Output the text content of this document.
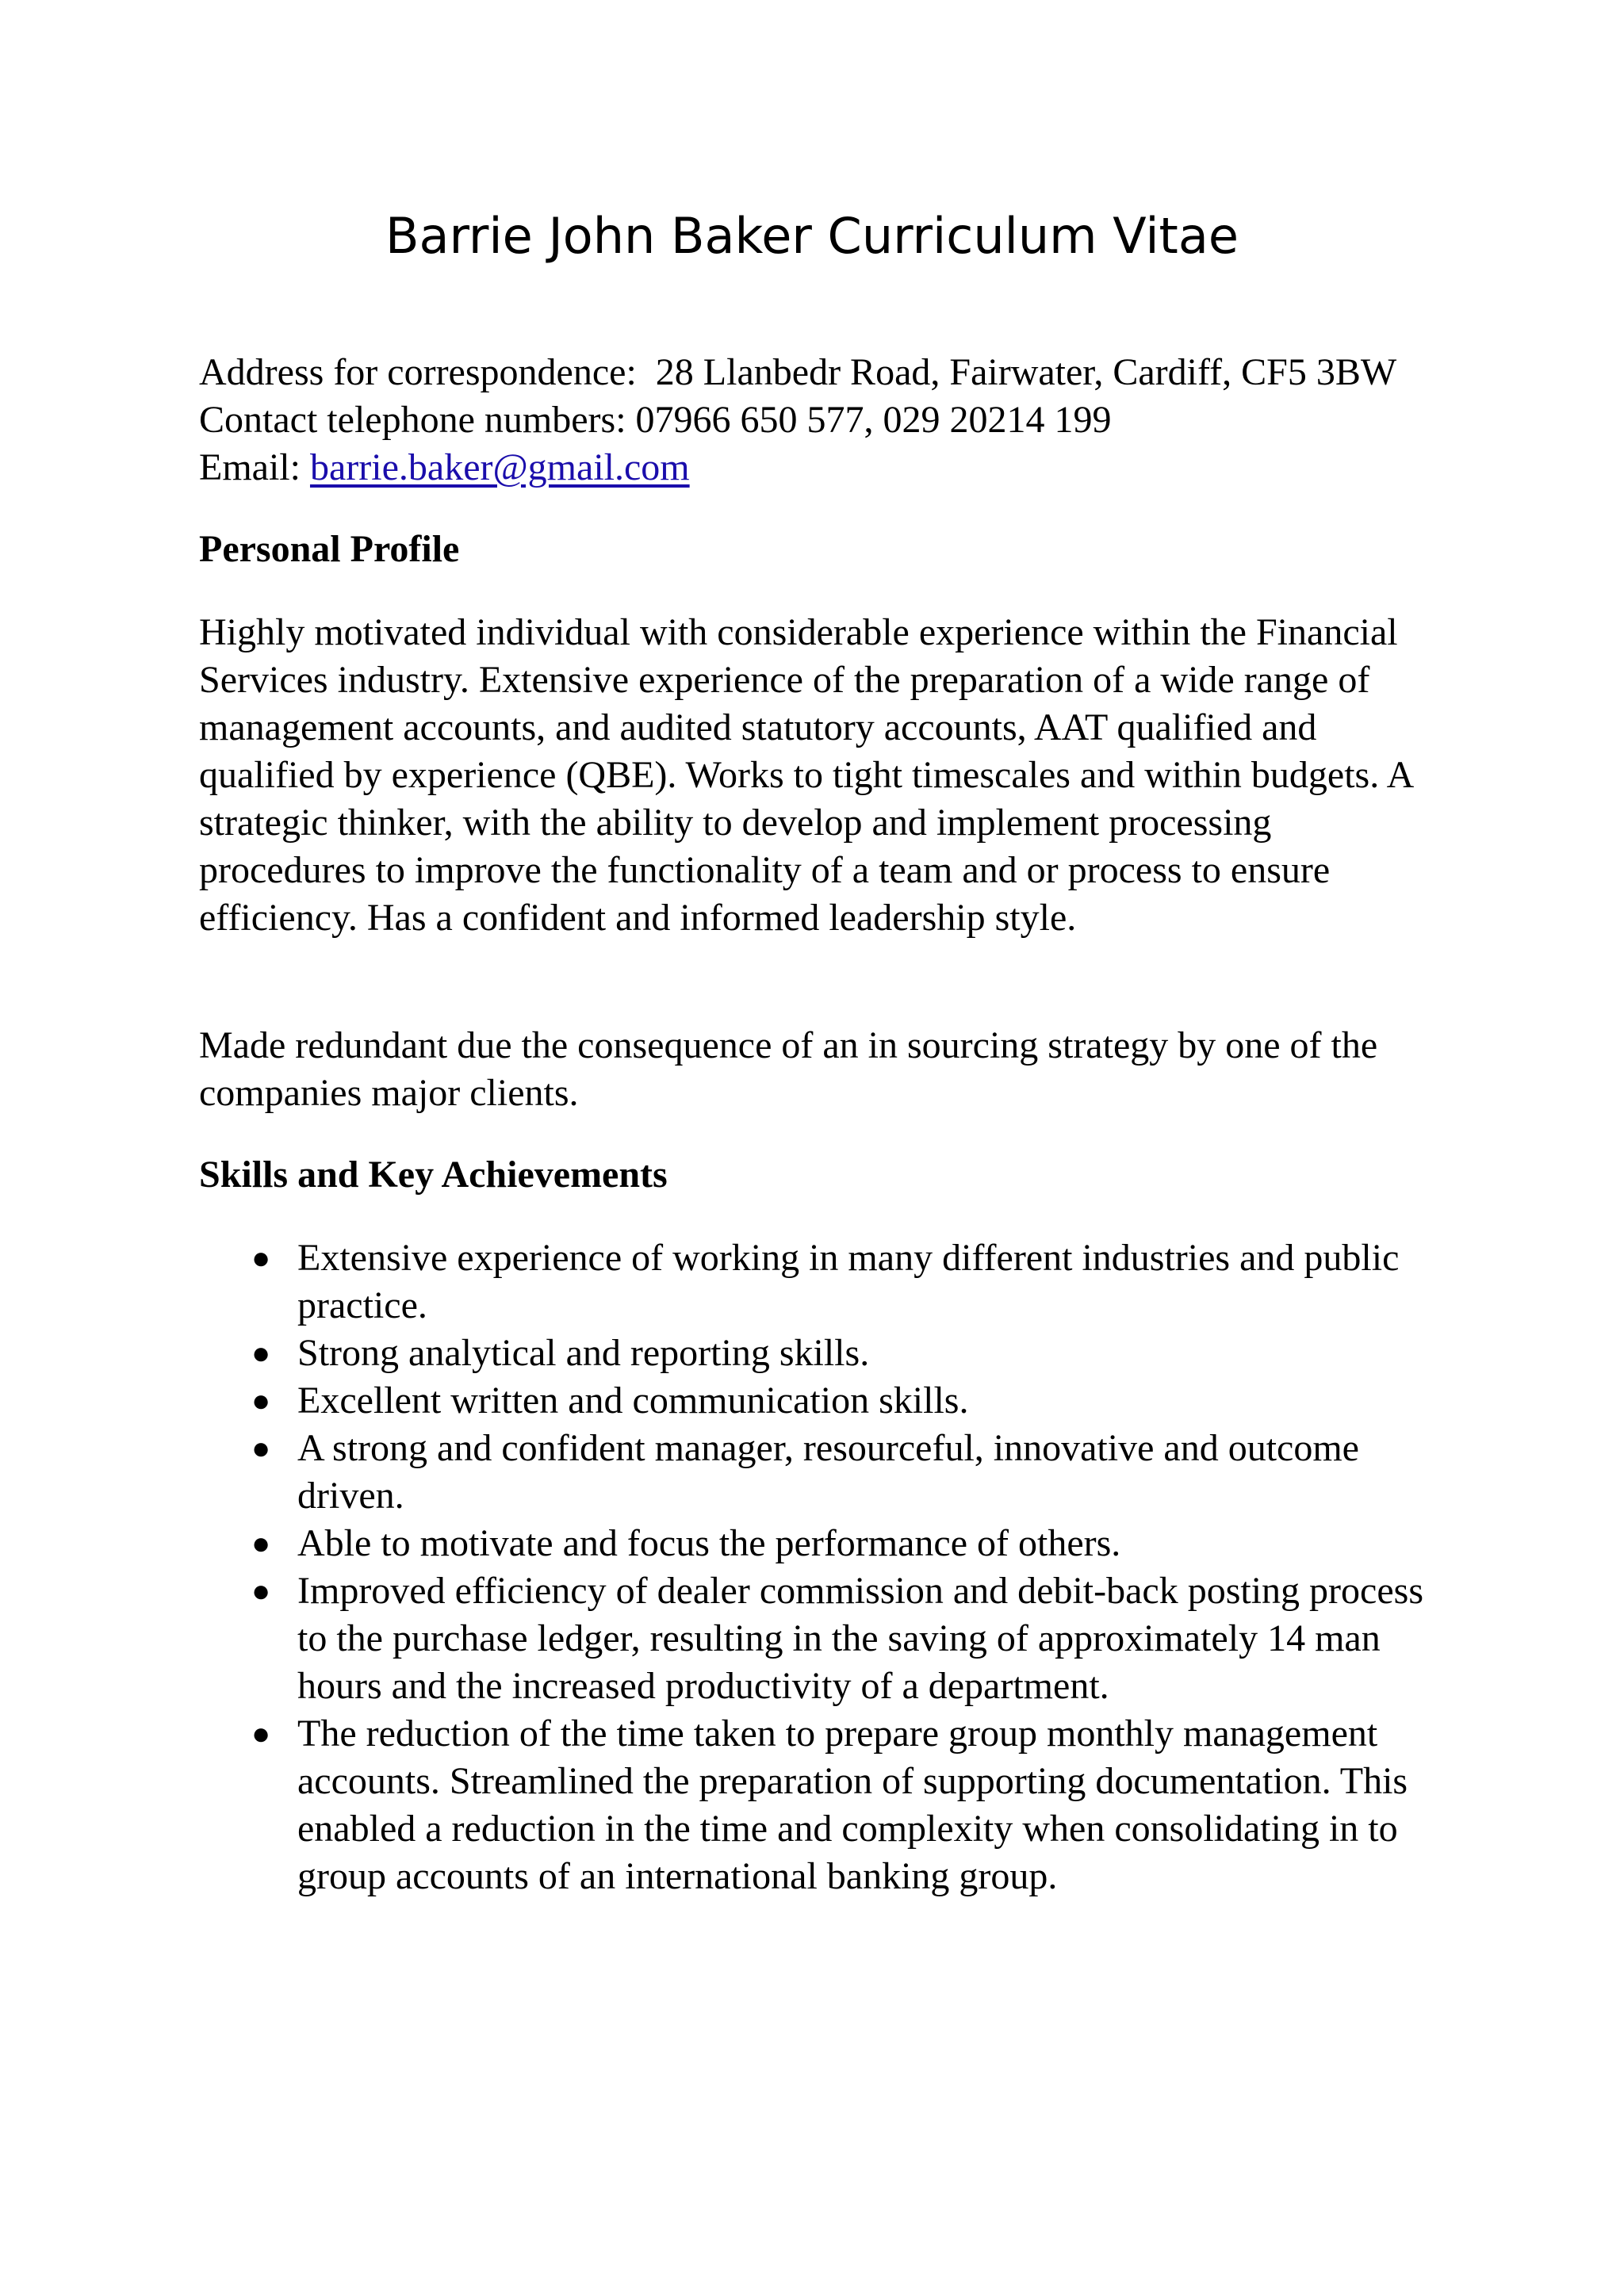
Barrie John Baker Curriculum Vitae

Address for correspondence: 28 Llanbedr Road, Fairwater, Cardiff, CF5 3BW

Contact telephone numbers: 07966 650 577, 029 20214 199

Email: barrie.baker@gmail.com

Personal Profile

Highly motivated individual with considerable experience within the Financial Services industry. Extensive experience of the preparation of a wide range of management accounts, and audited statutory accounts, AAT qualified and qualified by experience (QBE). Works to tight timescales and within budgets. A strategic thinker, with the ability to develop and implement processing procedures to improve the functionality of a team and or process to ensure efficiency. Has a confident and informed leadership style.

Made redundant due the consequence of an in sourcing strategy by one of the companies major clients.

Skills and Key Achievements
● Extensive experience of working in many different industries and public practice.
● Strong analytical and reporting skills.
● Excellent written and communication skills.
● A strong and confident manager, resourceful, innovative and outcome driven.
● Able to motivate and focus the performance of others.
● Improved efficiency of dealer commission and debit-back posting process to the purchase ledger, resulting in the saving of approximately 14 man hours and the increased productivity of a department.
● The reduction of the time taken to prepare group monthly management accounts. Streamlined the preparation of supporting documentation. This enabled a reduction in the time and complexity when consolidating in to group accounts of an international banking group.
